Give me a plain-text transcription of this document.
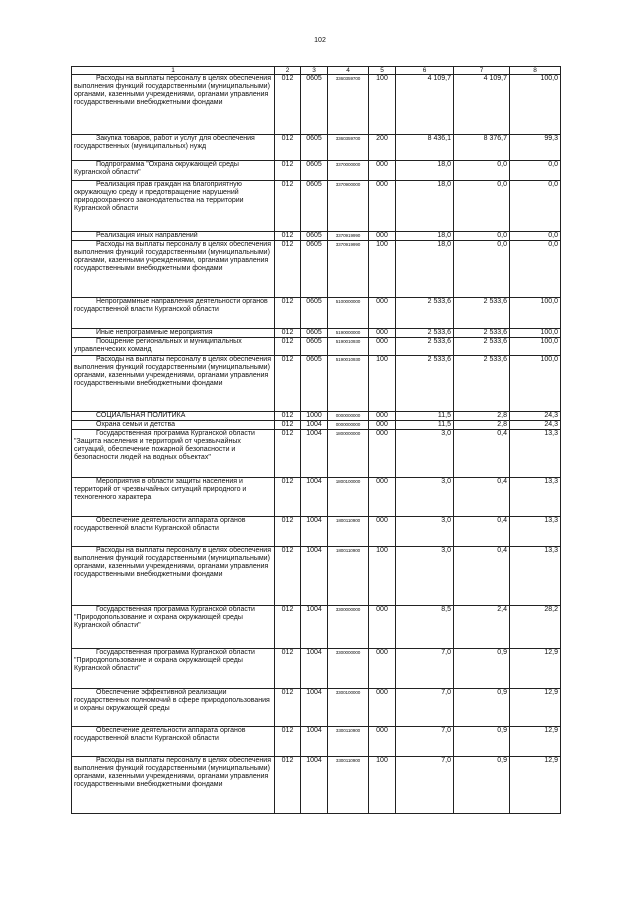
102
1	2	3	4	5	6	7	8

Расходы на выплаты персоналу в целях обеспечения выполнения функций государственными (муниципальными) органами, казенными учреждениями, органами управления государственными внебюджетными фондами	012	0605	3360359700	100	4 109,7	4 109,7	100,0

Закупка товаров, работ и услуг для обеспечения государственных (муниципальных) нужд	012	0605	3360359700	200	8 436,1	8 376,7	99,3

Подпрограмма "Охрана окружающей среды Курганской области"	012	0605	3370000000	000	18,0	0,0	0,0

Реализация прав граждан на благоприятную окружающую среду и предотвращение нарушений природоохранного законодательства на территории Курганской области	012	0605	3370900000	000	18,0	0,0	0,0

Реализация иных направлений	012	0605	3370919990	000	18,0	0,0	0,0

Расходы на выплаты персоналу в целях обеспечения выполнения функций государственными (муниципальными) органами, казенными учреждениями, органами управления государственными внебюджетными фондами	012	0605	3370919990	100	18,0	0,0	0,0

Непрограммные направления деятельности органов государственной власти Курганской области	012	0605	5100000000	000	2 533,6	2 533,6	100,0

Иные непрограммные мероприятия	012	0605	5190000000	000	2 533,6	2 533,6	100,0

Поощрение региональных и муниципальных управленческих команд	012	0605	5190010930	000	2 533,6	2 533,6	100,0

Расходы на выплаты персоналу в целях обеспечения выполнения функций государственными (муниципальными) органами, казенными учреждениями, органами управления государственными внебюджетными фондами	012	0605	5190010930	100	2 533,6	2 533,6	100,0

СОЦИАЛЬНАЯ ПОЛИТИКА	012	1000	0000000000	000	11,5	2,8	24,3

Охрана семьи и детства	012	1004	0000000000	000	11,5	2,8	24,3

Государственная программа Курганской области "Защита населения и территорий от чрезвычайных ситуаций, обеспечение пожарной безопасности и безопасности людей на водных объектах"	012	1004	1800000000	000	3,0	0,4	13,3

Мероприятия в области защиты населения и территорий от чрезвычайных ситуаций природного и техногенного характера	012	1004	1800100000	000	3,0	0,4	13,3

Обеспечение деятельности аппарата органов государственной власти Курганской области	012	1004	1800110900	000	3,0	0,4	13,3

Расходы на выплаты персоналу в целях обеспечения выполнения функций государственными (муниципальными) органами, казенными учреждениями, органами управления государственными внебюджетными фондами	012	1004	1800110900	100	3,0	0,4	13,3

Государственная программа Курганской области "Природопользование и охрана окружающей среды Курганской области"	012	1004	3300000000	000	8,5	2,4	28,2

Государственная программа Курганской области "Природопользование и охрана окружающей среды Курганской области"	012	1004	3300000000	000	7,0	0,9	12,9

Обеспечение эффективной реализации государственных полномочий в сфере природопользования и охраны окружающей среды	012	1004	3300100000	000	7,0	0,9	12,9

Обеспечение деятельности аппарата органов государственной власти Курганской области	012	1004	3300110900	000	7,0	0,9	12,9

Расходы на выплаты персоналу в целях обеспечения выполнения функций государственными (муниципальными) органами, казенными учреждениями, органами управления государственными внебюджетными фондами	012	1004	3300110900	100	7,0	0,9	12,9
